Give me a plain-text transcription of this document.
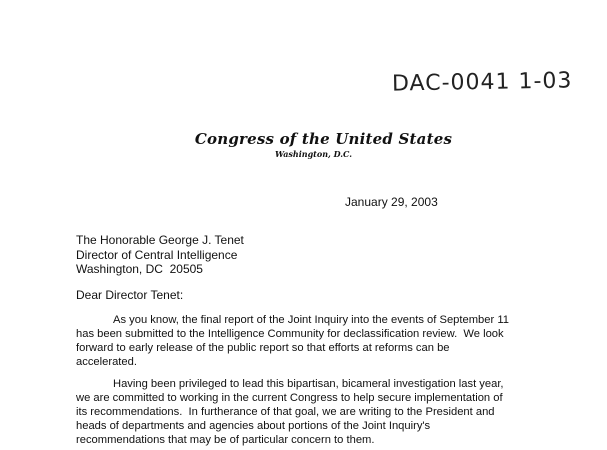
DAC-0041 1-03
Congress of the United States
Washington, D.C.
January 29, 2003
The Honorable George J. Tenet
Director of Central Intelligence
Washington, DC  20505
Dear Director Tenet:
As you know, the final report of the Joint Inquiry into the events of September 11
has been submitted to the Intelligence Community for declassification review.  We look
forward to early release of the public report so that efforts at reforms can be
accelerated.
Having been privileged to lead this bipartisan, bicameral investigation last year,
we are committed to working in the current Congress to help secure implementation of
its recommendations.  In furtherance of that goal, we are writing to the President and
heads of departments and agencies about portions of the Joint Inquiry's
recommendations that may be of particular concern to them.
